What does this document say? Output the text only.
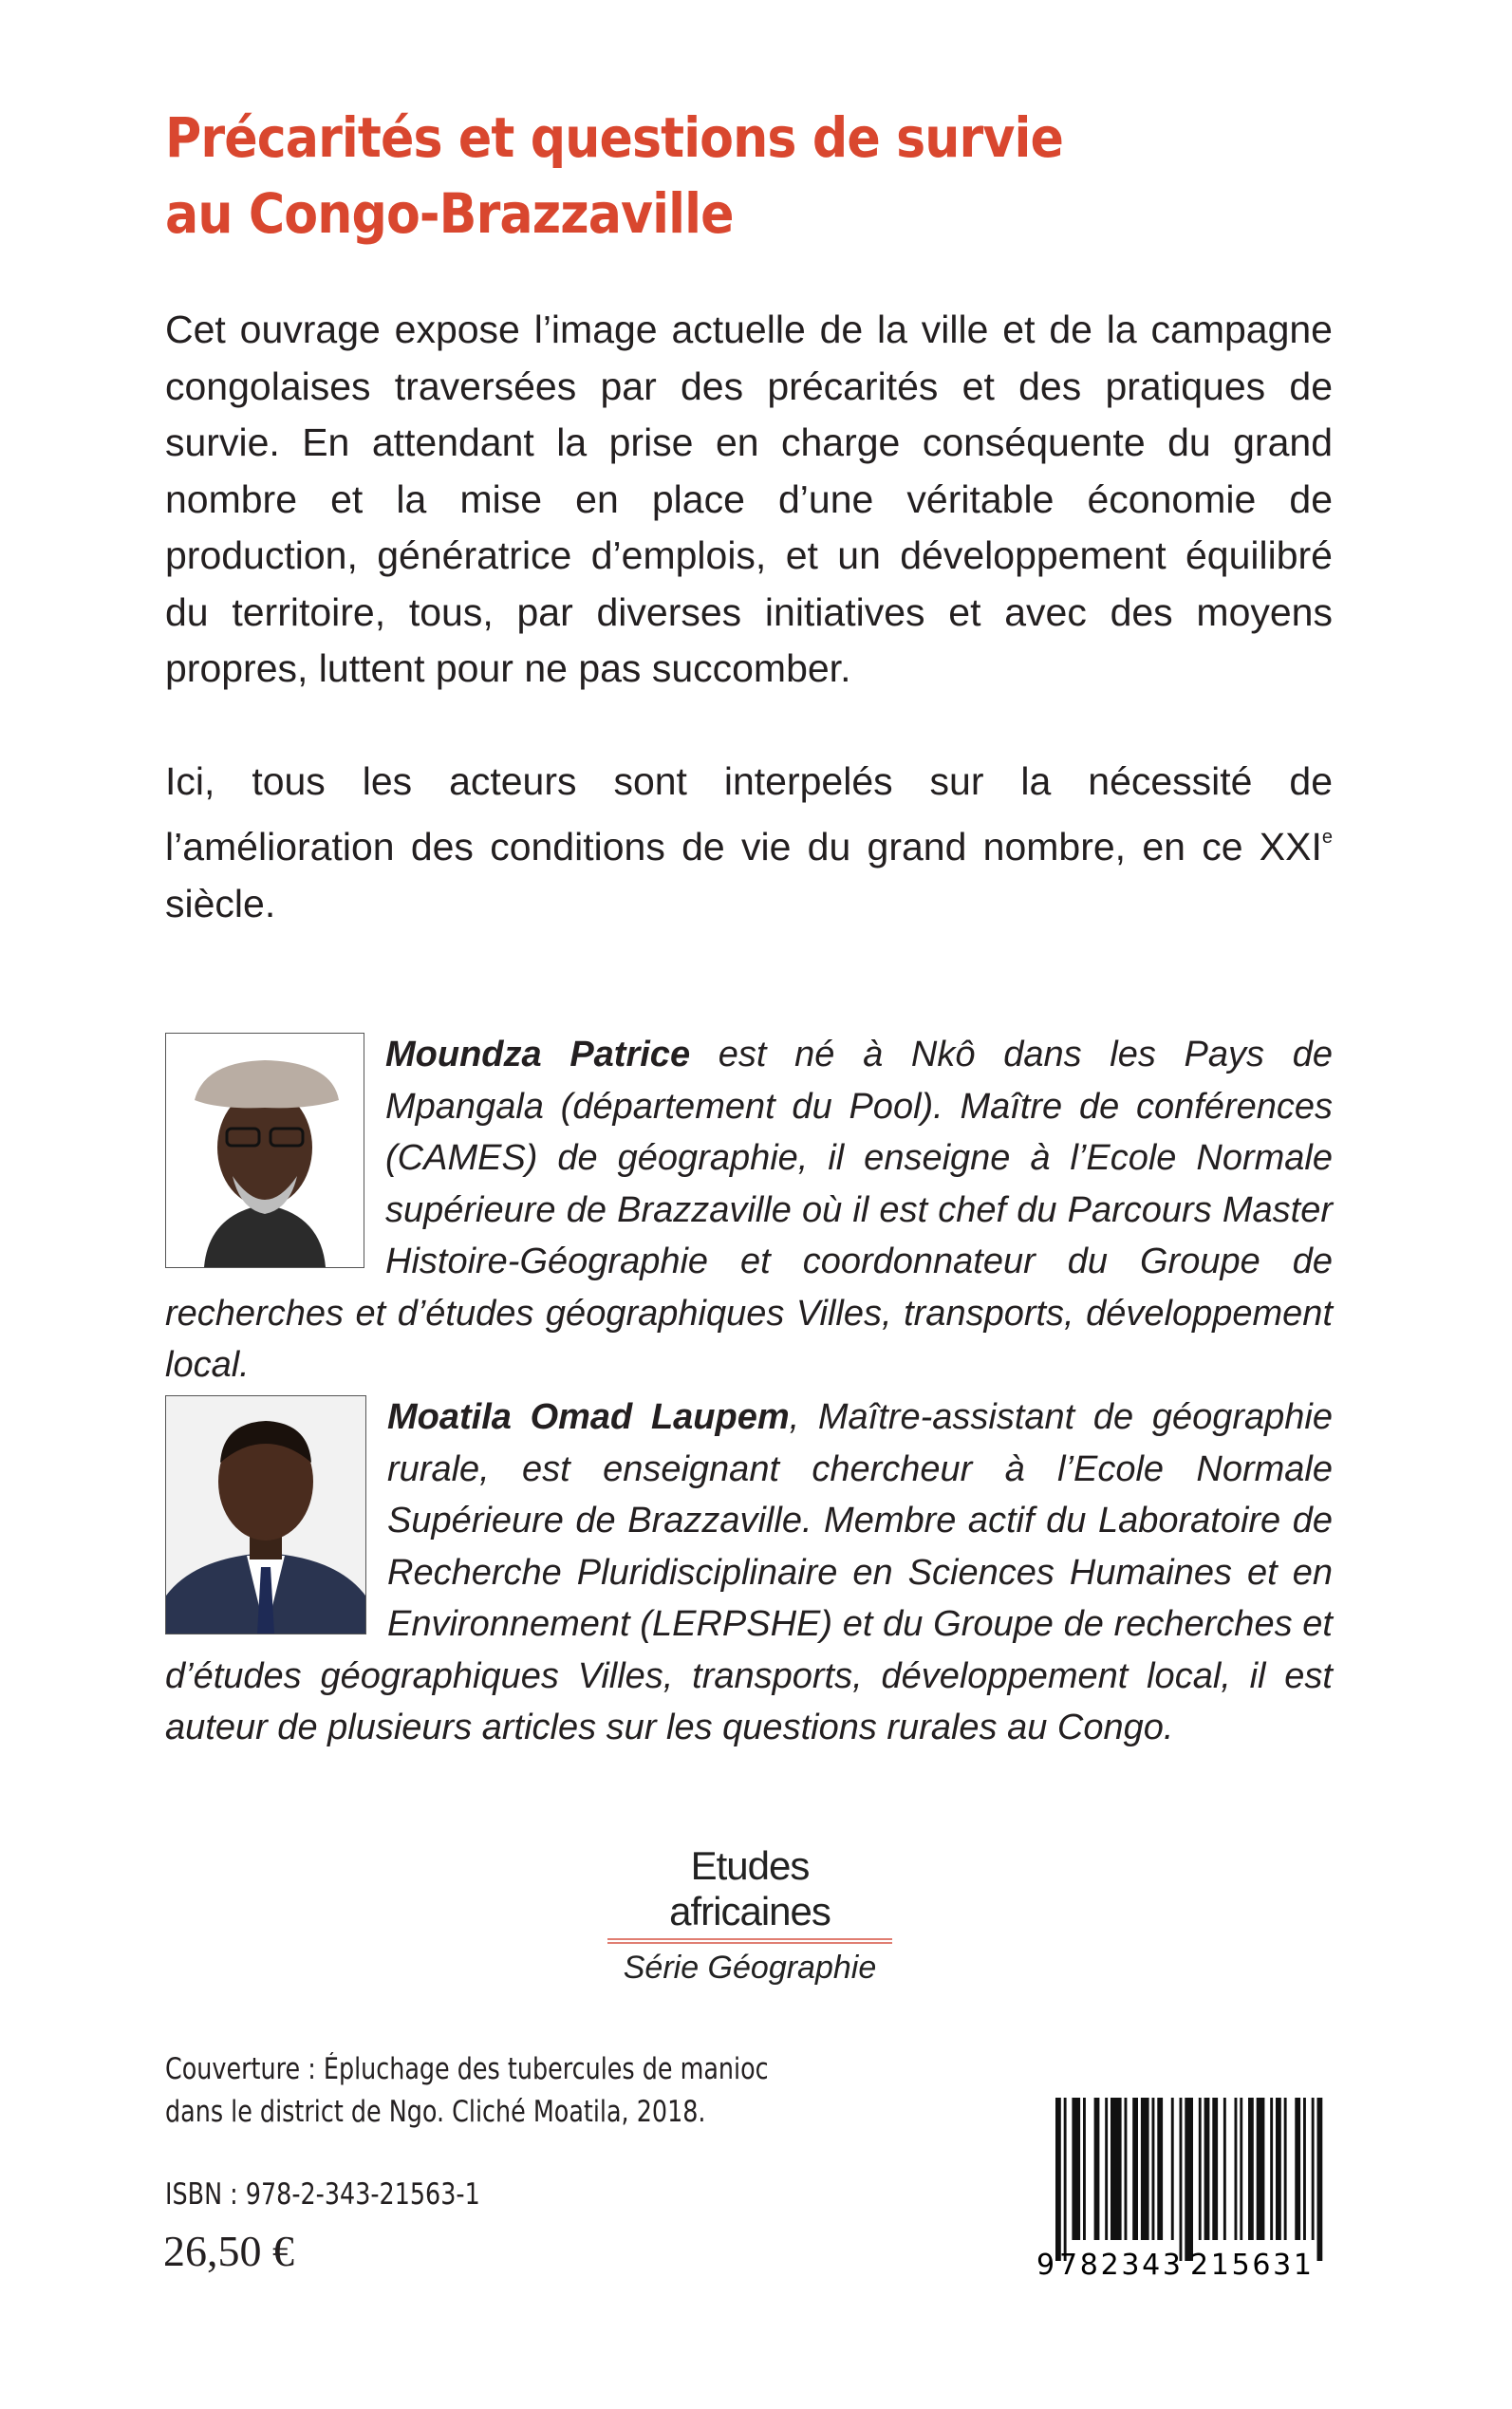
Précarités et questions de survie
au Congo-Brazzaville

Cet ouvrage expose l’image actuelle de la ville et de la campagne congolaises traversées par des précarités et des pratiques de survie. En attendant la prise en charge conséquente du grand nombre et la mise en place d’une véritable économie de production, génératrice d’emplois, et un développement équilibré du territoire, tous, par diverses initiatives et avec des moyens propres, luttent pour ne pas succomber.

Ici, tous les acteurs sont interpelés sur la nécessité de l’amélioration des conditions de vie du grand nombre, en ce XXIe siècle.

Moundza Patrice est né à Nkô dans les Pays de Mpangala (département du Pool). Maître de conférences (CAMES) de géographie, il enseigne à l’Ecole Normale supérieure de Brazzaville où il est chef du Parcours Master Histoire-Géographie et coordonnateur du Groupe de recherches et d’études géographiques Villes, transports, développement local.
Moatila Omad Laupem, Maître-assistant de géographie rurale, est enseignant chercheur à l’Ecole Normale Supérieure de Brazzaville. Membre actif du Laboratoire de Recherche Pluridisciplinaire en Sciences Humaines et en Environnement (LERPSHE) et du Groupe de recherches et d’études géographiques Villes, transports, développement local, il est auteur de plusieurs articles sur les questions rurales au Congo.
Etudes africaines
Série Géographie
Couverture : Épluchage des tubercules de manioc
dans le district de Ngo. Cliché Moatila, 2018.
ISBN : 978-2-343-21563-1
26,50 €	9 782343 215631
